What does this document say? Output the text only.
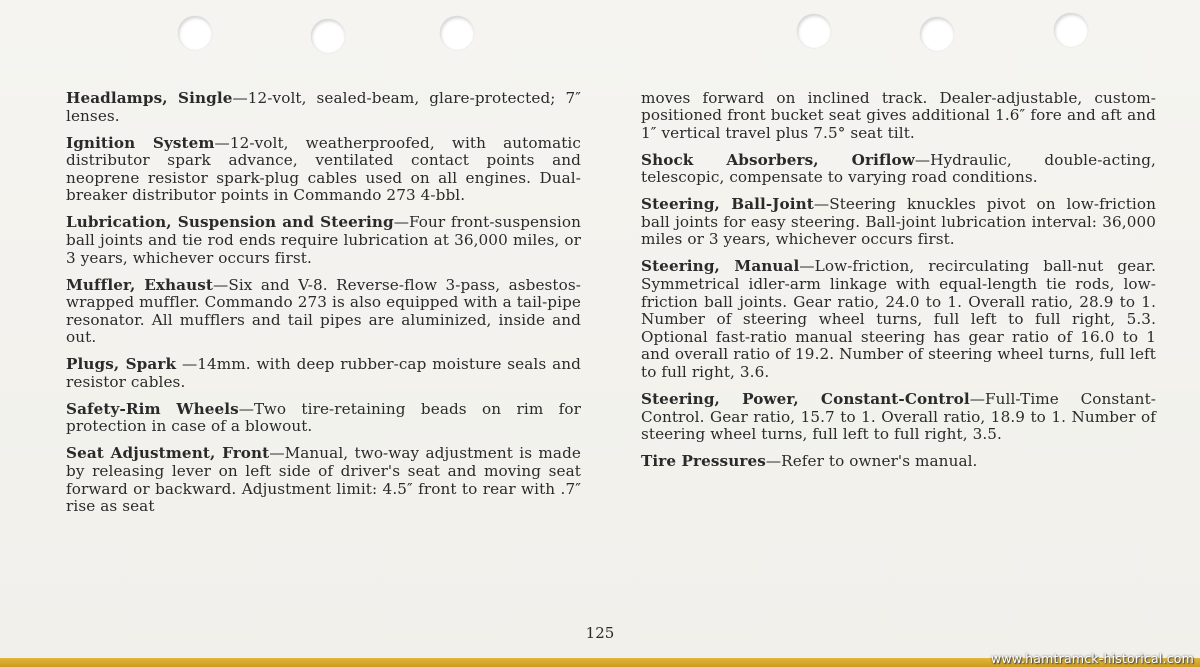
Headlamps, Single—12-volt, sealed-beam, glare-protected; 7″ lenses.

Ignition System—12-volt, weatherproofed, with automatic distributor spark advance, ventilated contact points and neoprene resistor spark-plug cables used on all engines. Dual-breaker distributor points in Commando 273 4-bbl.

Lubrication, Suspension and Steering—Four front-suspension ball joints and tie rod ends require lubrication at 36,000 miles, or 3 years, whichever occurs first.

Muffler, Exhaust—Six and V-8. Reverse-flow 3-pass, asbestos-wrapped muffler. Commando 273 is also equipped with a tail-pipe resonator. All mufflers and tail pipes are aluminized, inside and out.

Plugs, Spark —14mm. with deep rubber-cap moisture seals and resistor cables.

Safety-Rim Wheels—Two tire-retaining beads on rim for protection in case of a blowout.

Seat Adjustment, Front—Manual, two-way adjustment is made by releasing lever on left side of driver's seat and moving seat forward or backward. Adjustment limit: 4.5″ front to rear with .7″ rise as seat

moves forward on inclined track. Dealer-adjustable, custom-positioned front bucket seat gives additional 1.6″ fore and aft and 1″ vertical travel plus 7.5° seat tilt.

Shock Absorbers, Oriflow—Hydraulic, double-acting, telescopic, compensate to varying road conditions.

Steering, Ball-Joint—Steering knuckles pivot on low-friction ball joints for easy steering. Ball-joint lubrication interval: 36,000 miles or 3 years, whichever occurs first.

Steering, Manual—Low-friction, recirculating ball-nut gear. Symmetrical idler-arm linkage with equal-length tie rods, low-friction ball joints. Gear ratio, 24.0 to 1. Overall ratio, 28.9 to 1. Number of steering wheel turns, full left to full right, 5.3. Optional fast-ratio manual steering has gear ratio of 16.0 to 1 and overall ratio of 19.2. Number of steering wheel turns, full left to full right, 3.6.

Steering, Power, Constant-Control—Full-Time Constant-Control. Gear ratio, 15.7 to 1. Overall ratio, 18.9 to 1. Number of steering wheel turns, full left to full right, 3.5.

Tire Pressures—Refer to owner's manual.

125
www.hamtramck-historical.com
